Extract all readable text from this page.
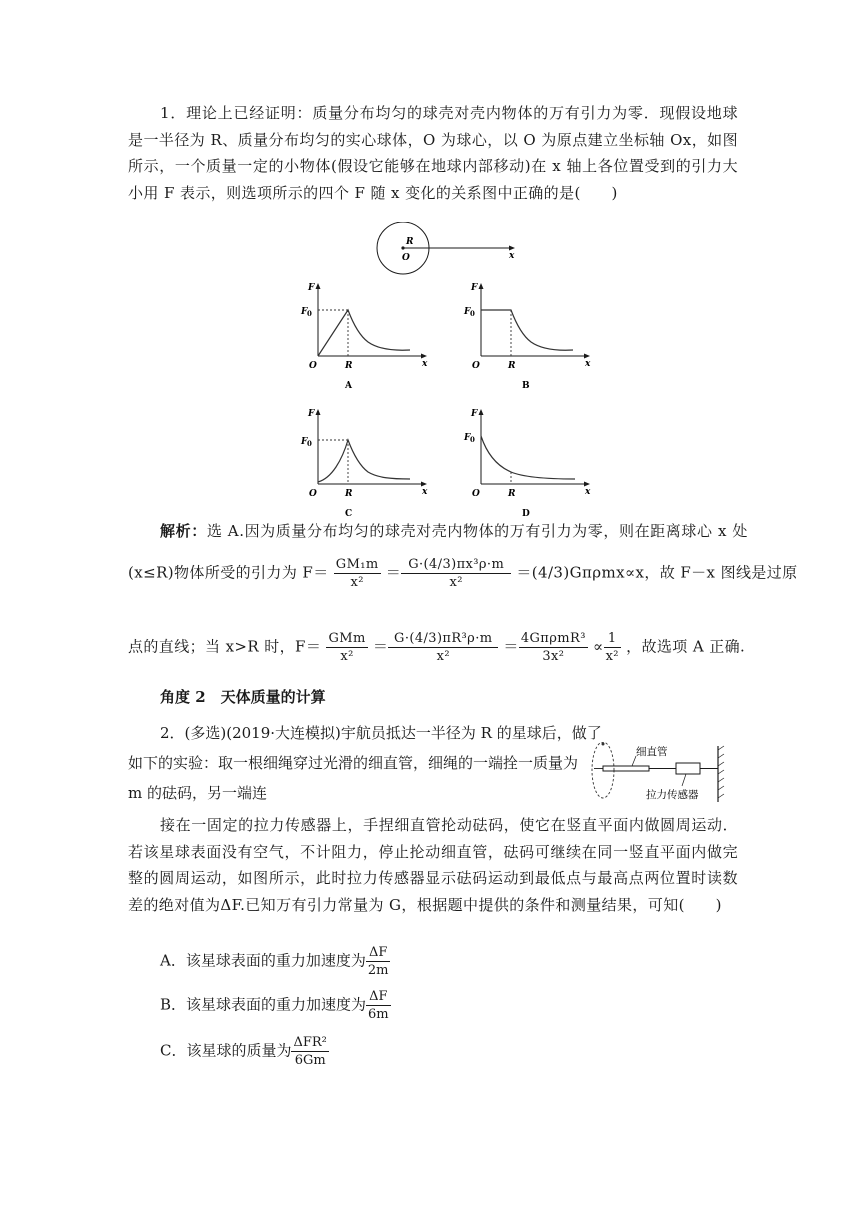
1．理论上已经证明：质量分布均匀的球壳对壳内物体的万有引力为零．现假设地球是一半径为 R、质量分布均匀的实心球体，O 为球心，以 O 为原点建立坐标轴 Ox，如图所示，一个质量一定的小物体(假设它能够在地球内部移动)在 x 轴上各位置受到的引力大小用 F 表示，则选项所示的四个 F 随 x 变化的关系图中正确的是(　　)
R
O	x
F
F 0
O	R	x
A
F
F 0
O	R	x
B
F
F 0
O	R	x
C
F
F 0
O	R	x
D
解析：选 A.因为质量分布均匀的球壳对壳内物体的万有引力为零，则在距离球心 x 处
(x≤R)物体所受的引力为 $F= \frac{\text{GM₁m}}{\text{x²}} = \frac{\text{G·(4/3)πx³ρ·m}}{\text{x²}} =(4/3)G\pi\rho mx\propto x$，故 F－x 图线是过原
点的直线；当 x>R 时，$F= \frac{\text{GMm}}{\text{x²}} = \frac{\text{G·(4/3)πR³ρ·m}}{\text{x²}} = \frac{\text{4GπρmR³}}{\text{3x²}} \propto \frac{1}{\text{x²}}$ ，故选项 A 正确.
角度 2　天体质量的计算
2．(多选)(2019·大连模拟)宇航员抵达一半径为 R 的星球后，做了
如下的实验：取一根细绳穿过光滑的细直管，细绳的一端拴一质量为
m 的砝码，另一端连
细直管
拉力传感器
接在一固定的拉力传感器上，手捏细直管抡动砝码，使它在竖直平面内做圆周运动．若该星球表面没有空气，不计阻力，停止抡动细直管，砝码可继续在同一竖直平面内做完整的圆周运动，如图所示，此时拉力传感器显示砝码运动到最低点与最高点两位置时读数差的绝对值为ΔF.已知万有引力常量为 G，根据题中提供的条件和测量结果，可知(　　)
A．该星球表面的重力加速度为 $\frac{\Delta F}{2m}$
B．该星球表面的重力加速度为 $\frac{\Delta F}{6m}$
C．该星球的质量为 $\frac{\text{ΔFR²}}{6Gm}$
